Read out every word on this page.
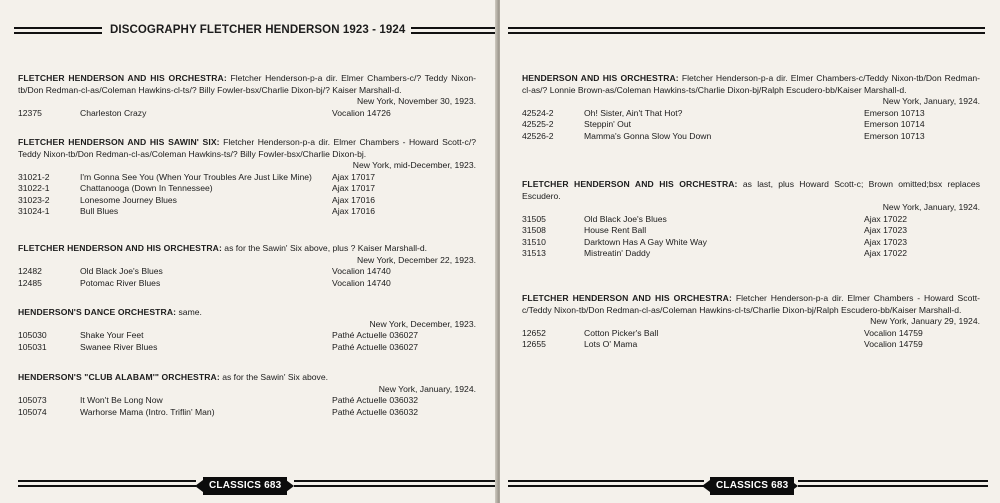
DISCOGRAPHY FLETCHER HENDERSON 1923 - 1924
CLASSICS 683
FLETCHER HENDERSON AND HIS ORCHESTRA: Fletcher Henderson-p-a dir. Elmer Chambers-c/? Teddy Nixon-tb/Don Redman-cl-as/Coleman Hawkins-cl-ts/? Billy Fowler-bsx/Charlie Dixon-bj/? Kaiser Marshall-d.
New York, November 30, 1923.
12375	Charleston Crazy	Vocalion 14726
FLETCHER HENDERSON AND HIS SAWIN' SIX: Fletcher Henderson-p-a dir. Elmer Chambers - Howard Scott-c/? Teddy Nixon-tb/Don Redman-cl-as/Coleman Hawkins-ts/? Billy Fowler-bsx/Charlie Dixon-bj.
New York, mid-December, 1923.
31021-2	I'm Gonna See You (When Your Troubles Are Just Like Mine)	Ajax 17017
31022-1	Chattanooga (Down In Tennessee)	Ajax 17017
31023-2	Lonesome Journey Blues	Ajax 17016
31024-1	Bull Blues	Ajax 17016
FLETCHER HENDERSON AND HIS ORCHESTRA: as for the Sawin' Six above, plus ? Kaiser Marshall-d.
New York, December 22, 1923.
12482	Old Black Joe's Blues	Vocalion 14740
12485	Potomac River Blues	Vocalion 14740
HENDERSON'S DANCE ORCHESTRA: same.
New York, December, 1923.
105030	Shake Your Feet	Pathé Actuelle 036027
105031	Swanee River Blues	Pathé Actuelle 036027
HENDERSON'S "CLUB ALABAM'" ORCHESTRA: as for the Sawin' Six above.
New York, January, 1924.
105073	It Won't Be Long Now	Pathé Actuelle 036032
105074	Warhorse Mama (Intro. Triflin' Man)	Pathé Actuelle 036032
CLASSICS 683
HENDERSON AND HIS ORCHESTRA: Fletcher Henderson-p-a dir. Elmer Chambers-c/Teddy Nixon-tb/Don Redman-cl-as/? Lonnie Brown-as/Coleman Hawkins-ts/Charlie Dixon-bj/Ralph Escudero-bb/Kaiser Marshall-d.
New York, January, 1924.
42524-2	Oh! Sister, Ain't That Hot?	Emerson 10713
42525-2	Steppin' Out	Emerson 10714
42526-2	Mamma's Gonna Slow You Down	Emerson 10713
FLETCHER HENDERSON AND HIS ORCHESTRA: as last, plus Howard Scott-c; Brown omitted;bsx replaces Escudero.
New York, January, 1924.
31505	Old Black Joe's Blues	Ajax 17022
31508	House Rent Ball	Ajax 17023
31510	Darktown Has A Gay White Way	Ajax 17023
31513	Mistreatin' Daddy	Ajax 17022
FLETCHER HENDERSON AND HIS ORCHESTRA: Fletcher Henderson-p-a dir. Elmer Chambers - Howard Scott-c/Teddy Nixon-tb/Don Redman-cl-as/Coleman Hawkins-cl-ts/Charlie Dixon-bj/Ralph Escudero-bb/Kaiser Marshall-d.
New York, January 29, 1924.
12652	Cotton Picker's Ball	Vocalion 14759
12655	Lots O' Mama	Vocalion 14759
